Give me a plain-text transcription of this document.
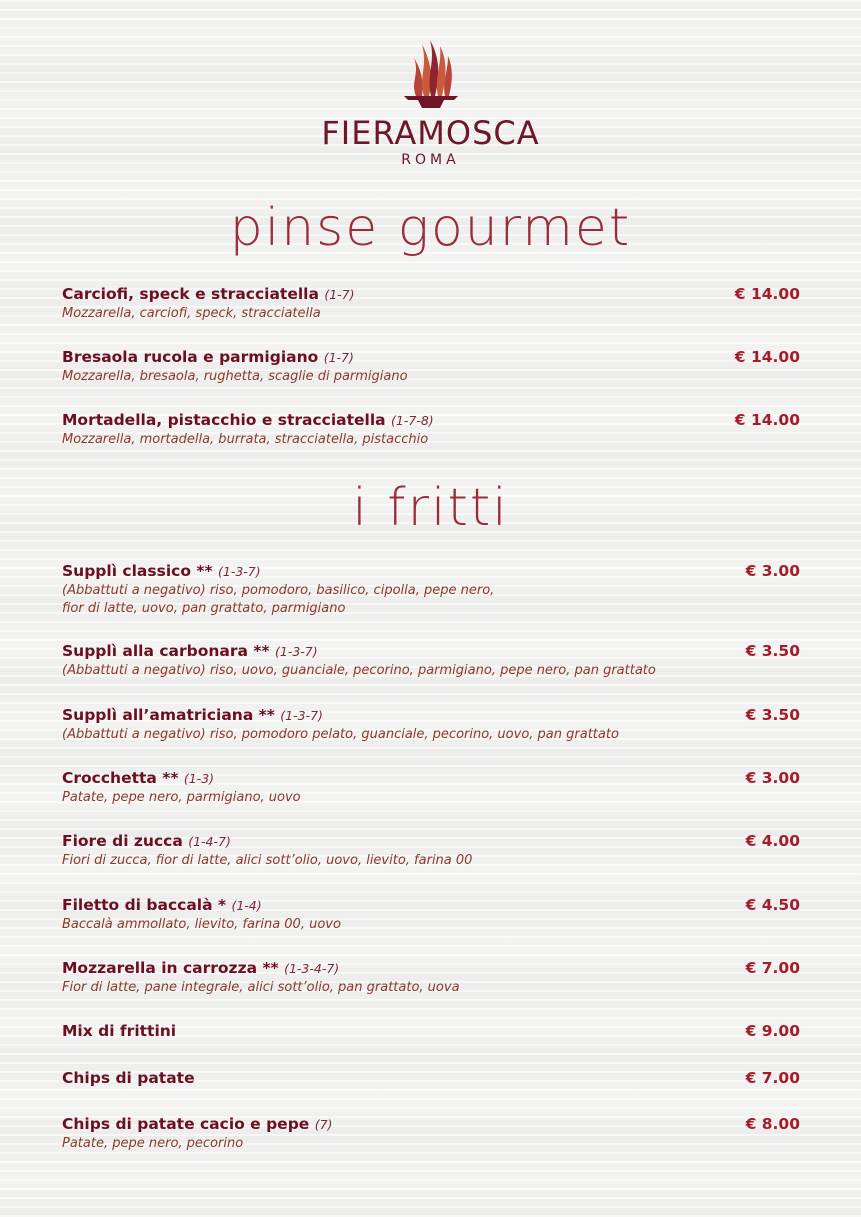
FIERAMOSCA
ROMA
pinse gourmet
Carciofi, speck e stracciatella (1-7)
Mozzarella, carciofi, speck, stracciatella
€ 14.00
Bresaola rucola e parmigiano (1-7)
Mozzarella, bresaola, rughetta, scaglie di parmigiano
€ 14.00
Mortadella, pistacchio e stracciatella (1-7-8)
Mozzarella, mortadella, burrata, stracciatella, pistacchio
€ 14.00
i fritti
Supplì classico ** (1-3-7)
(Abbattuti a negativo) riso, pomodoro, basilico, cipolla, pepe nero,
fior di latte, uovo, pan grattato, parmigiano
€ 3.00
Supplì alla carbonara ** (1-3-7)
(Abbattuti a negativo) riso, uovo, guanciale, pecorino, parmigiano, pepe nero, pan grattato
€ 3.50
Supplì all’amatriciana ** (1-3-7)
(Abbattuti a negativo) riso, pomodoro pelato, guanciale, pecorino, uovo, pan grattato
€ 3.50
Crocchetta ** (1-3)
Patate, pepe nero, parmigiano, uovo
€ 3.00
Fiore di zucca (1-4-7)
Fiori di zucca, fior di latte, alici sott’olio, uovo, lievito, farina 00
€ 4.00
Filetto di baccalà * (1-4)
Baccalà ammollato, lievito, farina 00, uovo
€ 4.50
Mozzarella in carrozza ** (1-3-4-7)
Fior di latte, pane integrale, alici sott’olio, pan grattato, uova
€ 7.00
Mix di frittini	€ 9.00
Chips di patate	€ 7.00
Chips di patate cacio e pepe (7)
Patate, pepe nero, pecorino
€ 8.00
